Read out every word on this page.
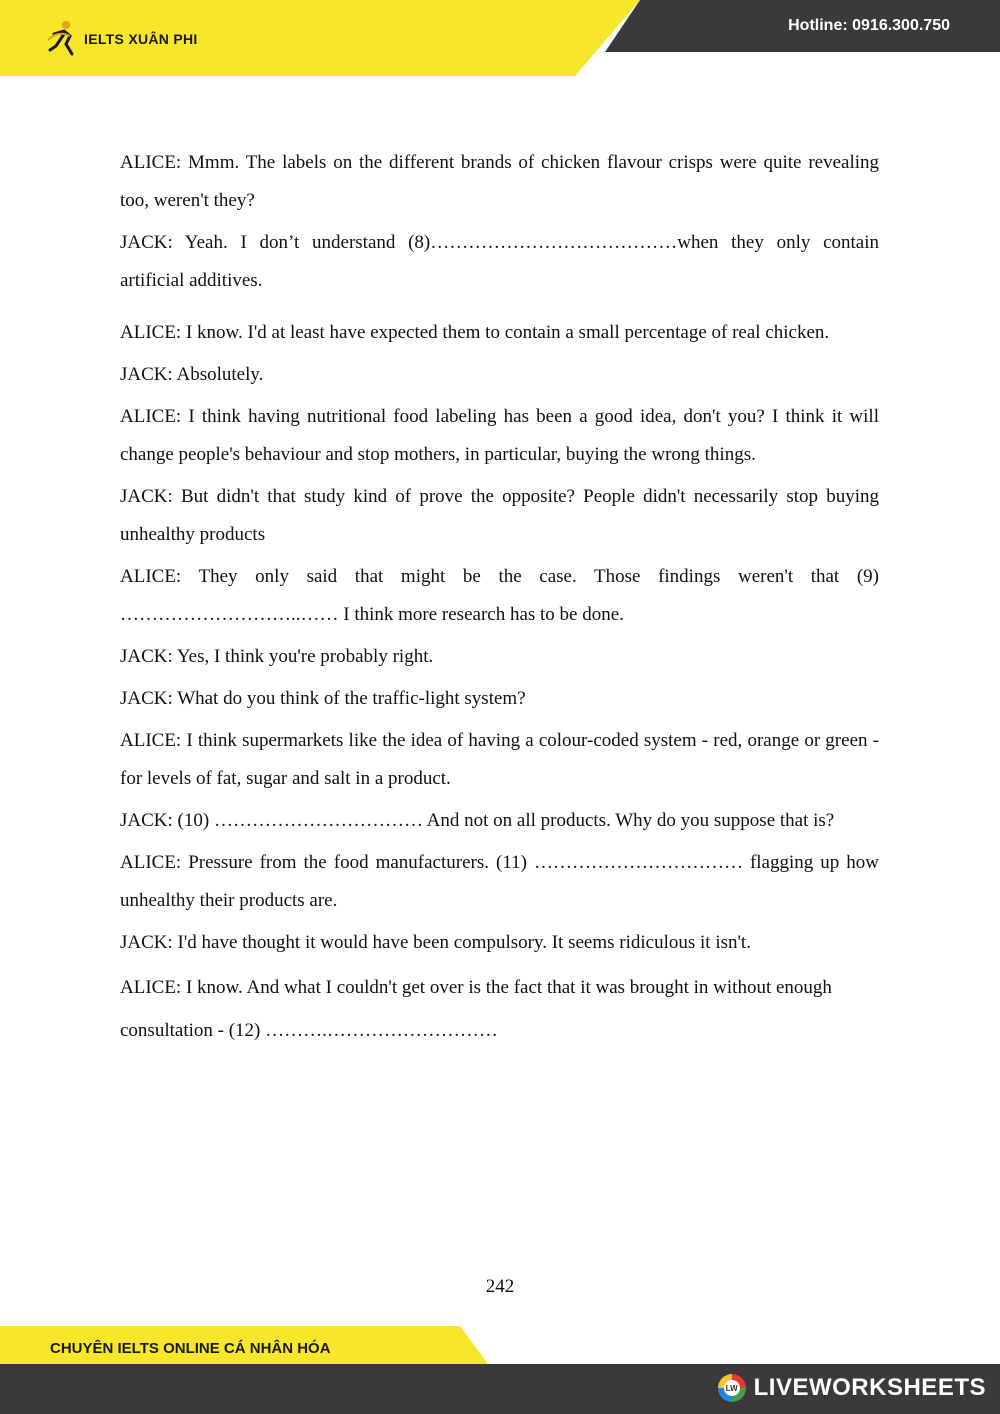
IELTS XUÂN PHI
Hotline: 0916.300.750

ALICE: Mmm. The labels on the different brands of chicken flavour crisps were quite revealing too, weren't they?

JACK: Yeah. I don’t understand (8)…………………………………when they only contain artificial additives.

ALICE: I know. I'd at least have expected them to contain a small percentage of real chicken.

JACK: Absolutely.

ALICE: I think having nutritional food labeling has been a good idea, don't you? I think it will change people's behaviour and stop mothers, in particular, buying the wrong things.

JACK: But didn't that study kind of prove the opposite? People didn't necessarily stop buying unhealthy products

ALICE: They only said that might be the case. Those findings weren't that (9) ………………………..…… I think more research has to be done.

JACK: Yes, I think you're probably right.

JACK: What do you think of the traffic-light system?

ALICE: I think supermarkets like the idea of having a colour-coded system - red, orange or green - for levels of fat, sugar and salt in a product.

JACK: (10) …………………………… And not on all products. Why do you suppose that is?

ALICE: Pressure from the food manufacturers. (11) …………………………… flagging up how unhealthy their products are.

JACK: I'd have thought it would have been compulsory. It seems ridiculous it isn't.

ALICE: I know. And what I couldn't get over is the fact that it was brought in without enough consultation - (12) ……….………………………

242
CHUYÊN IELTS ONLINE CÁ NHÂN HÓA
LW LIVEWORKSHEETS
